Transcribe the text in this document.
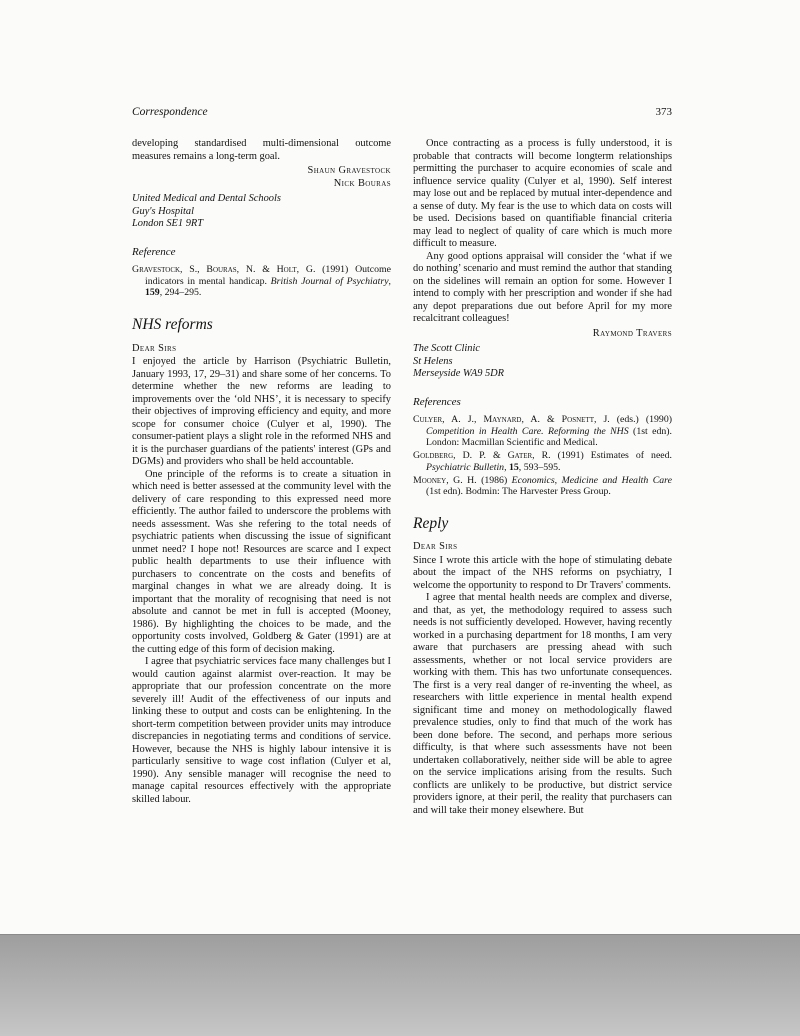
Correspondence	373

developing standardised multi-dimensional outcome measures remains a long-term goal.

Shaun Gravestock
Nick Bouras
United Medical and Dental Schools
Guy's Hospital
London SE1 9RT
Reference

Gravestock, S., Bouras, N. & Holt, G. (1991) Outcome indicators in mental handicap. British Journal of Psychiatry, 159, 294–295.

NHS reforms

Dear Sirs

I enjoyed the article by Harrison (Psychiatric Bulletin, January 1993, 17, 29–31) and share some of her concerns. To determine whether the new reforms are leading to improvements over the ‘old NHS’, it is necessary to specify their objectives of improving efficiency and equity, and more scope for consumer choice (Culyer et al, 1990). The consumer-patient plays a slight role in the reformed NHS and it is the purchaser guardians of the patients' interest (GPs and DGMs) and providers who shall be held accountable.

One principle of the reforms is to create a situation in which need is better assessed at the community level with the delivery of care responding to this expressed need more efficiently. The author failed to underscore the problems with needs assessment. Was she refering to the total needs of psychiatric patients when discussing the issue of significant unmet need? I hope not! Resources are scarce and I expect public health departments to use their influence with purchasers to concentrate on the costs and benefits of marginal changes in what we are already doing. It is important that the morality of recognising that need is not absolute and cannot be met in full is accepted (Mooney, 1986). By highlighting the choices to be made, and the opportunity costs involved, Goldberg & Gater (1991) are at the cutting edge of this form of decision making.

I agree that psychiatric services face many challenges but I would caution against alarmist over-reaction. It may be appropriate that our profession concentrate on the more severely ill! Audit of the effectiveness of our inputs and linking these to output and costs can be enlightening. In the short-term competition between provider units may introduce discrepancies in negotiating terms and conditions of service. However, because the NHS is highly labour intensive it is particularly sensitive to wage cost inflation (Culyer et al, 1990). Any sensible manager will recognise the need to manage capital resources effectively with the appropriate skilled labour.

Once contracting as a process is fully understood, it is probable that contracts will become longterm relationships permitting the purchaser to acquire economies of scale and influence service quality (Culyer et al, 1990). Self interest may lose out and be replaced by mutual inter-dependence and a sense of duty. My fear is the use to which data on costs will be used. Decisions based on quantifiable financial criteria may lead to neglect of quality of care which is much more difficult to measure.

Any good options appraisal will consider the ‘what if we do nothing’ scenario and must remind the author that standing on the sidelines will remain an option for some. However I intend to comply with her prescription and wonder if she had any depot preparations due out before April for my more recalcitrant colleagues!

Raymond Travers
The Scott Clinic
St Helens
Merseyside WA9 5DR
References

Culyer, A. J., Maynard, A. & Posnett, J. (eds.) (1990) Competition in Health Care. Reforming the NHS (1st edn). London: Macmillan Scientific and Medical.

Goldberg, D. P. & Gater, R. (1991) Estimates of need. Psychiatric Bulletin, 15, 593–595.

Mooney, G. H. (1986) Economics, Medicine and Health Care (1st edn). Bodmin: The Harvester Press Group.

Reply

Dear Sirs

Since I wrote this article with the hope of stimulating debate about the impact of the NHS reforms on psychiatry, I welcome the opportunity to respond to Dr Travers' comments.

I agree that mental health needs are complex and diverse, and that, as yet, the methodology required to assess such needs is not sufficiently developed. However, having recently worked in a purchasing department for 18 months, I am very aware that purchasers are pressing ahead with such assessments, whether or not local service providers are working with them. This has two unfortunate consequences. The first is a very real danger of re-inventing the wheel, as researchers with little experience in mental health expend significant time and money on methodologically flawed prevalence studies, only to find that much of the work has been done before. The second, and perhaps more serious difficulty, is that where such assessments have not been undertaken collaboratively, neither side will be able to agree on the service implications arising from the results. Such conflicts are unlikely to be productive, but district service providers ignore, at their peril, the reality that purchasers can and will take their money elsewhere. But
